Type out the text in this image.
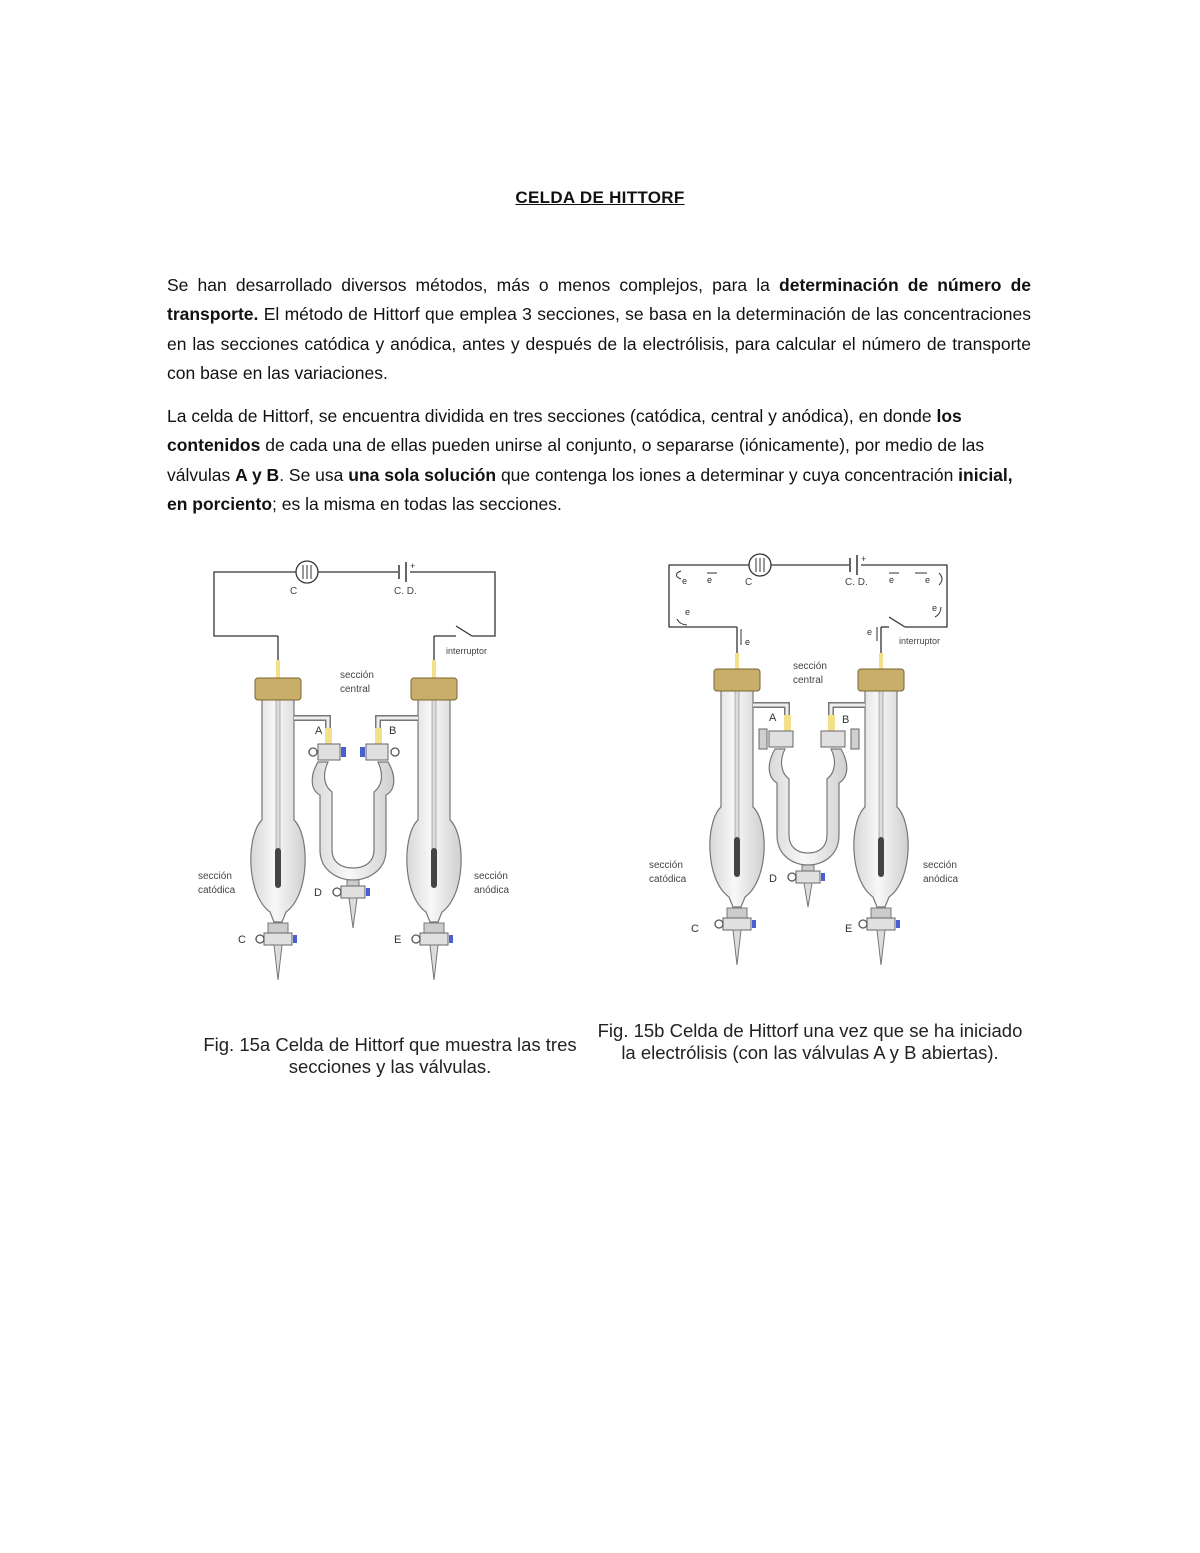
CELDA DE HITTORF

Se han desarrollado diversos métodos, más o menos complejos, para la determinación de número de transporte. El método de Hittorf que emplea 3 secciones, se basa en la determinación de las concentraciones en las secciones catódica y anódica, antes y después de la electrólisis, para calcular el número de transporte con base en las variaciones.

La celda de Hittorf, se encuentra dividida en tres secciones (catódica, central y anódica), en donde los contenidos de cada una de ellas pueden unirse al conjunto, o separarse (iónicamente), por medio de las válvulas A y B. Se usa una sola solución que contenga los iones a determinar y cuya concentración inicial, en porciento; es la misma en todas las secciones.

+
C	C. D.
interruptor
sección
central
A	B
sección
catódica
sección
anódica
D
C	E
+
C	C. D.
interruptor
e e	e	e
e	e
e
e
sección
central
A	B
sección
catódica
sección
anódica
D
C	E
Fig. 15a Celda de Hittorf que muestra las tres secciones y las válvulas.
Fig. 15b Celda de Hittorf una vez que se ha iniciado la electrólisis (con las válvulas A y B abiertas).
